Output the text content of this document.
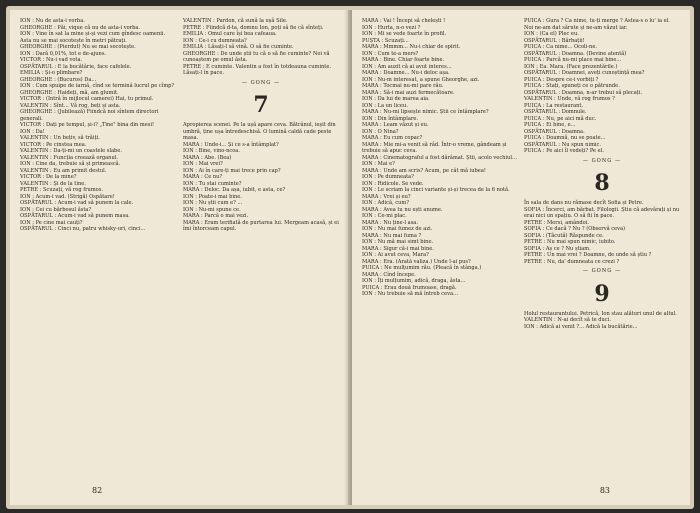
ION : Nu de asta-i vorba.

GHEORGHE : Păi, vique că nu de asta-i vorba.

ION : Vine în sat la mine și-și vezi cum gîndesc oamenii. Asta nu se mai socotește în metri pătrați.

GHEORGHE : (Pierdut) Nu se mai socotește.

ION : Dară 0,01%, tot e de-ajuns.

VICTOR : Nu-i vad vota.

OSPĂTARUL : E la bucătărie, face cafelele.

EMILIA : Și-o plimbare?

GHEORGHE : (Bucuros) Da...

ION : Cum spuipe de iarnă, cînd se termină lucrul pe cîmp?

GHEORGHE : Haideți, mă, am glumit.

VICTOR : (Intră în mijlocul camerei) Hai, tu primul.

VALENTIN : Sînt... Vă rog, beți și asta.

GHEORGHE : (Jubilează) Fiindcă noi sîntem directori generali.

VICTOR : Dați pe tempul, și-i? „Tine" bina din mesi!

ION : Da!

VALENTIN : Un bețiv, să trăiți.

VICTOR : Pe cinstea mea.

VALENTIN : Da-ți-mi un coastele slabe.

VALENTIN : Funcția creează organul.

ION : Cine da, trebuie să și primească.

VALENTIN : Eu am primit destul.

VICTOR : De la mine?

VALENTIN : Și de la tine.

PETRE : Scuzați, vă rog frumos.

ION : Acum-i vad. (Strigă) Ospătare!

OSPĂTARUL : Acum-i vad să punem la cale.

ION : Cei cu bărbosul ăsta?

OSPĂTARUL : Acum-i vad să punem masa.

ION : Pe cine mai cauți?

OSPĂTARUL : Cinci nu, patru whisky-uri, cinci...

VALENTIN : Pardon, că sună la ușă Sile.

PETRE : Fiindcă d-ta, domnu Ion, poți să fie că sînteți.

EMILIA : Omul care își bea cafeaua.

ION : Ce-i cu dumneata?

EMILIA : Lăsați-l să vină. O să fie cuminte.

GHEORGHE : De unde știi tu că o să fie cuminte? Noi vă cunoaștem pe omul ăsta.

PETRE : E cuminte. Valentin a fost în totdeauna cuminte. Lăsați-l în pace.

— GONG —
7

Apropierea scenei. Pe la ușă apare ceva. Bătrânul, ieșit din umbră, ține ușa întredeschisă. O lumină caldă cade peste masa.

MARA : Unde-i... Și ce s-a întâmplat?

ION : Bine, vino-ncoa.

MARA : Abe. (Bea)

ION : Mai vrei?

ION : Ai în care-ți mai trece prin cap?

MARA : Ce nu?

ION : Tu stai cuminte?

MARA : Deloc. Da așa, iubit, e asta, ce?

ION : Poate-i mai bine.

ION : Nu știi cum e? ...

ION : Nu-mi spune ce.

MARA : Parcă o mai vezi.

MARA : Eram terifiată de purtarea lui. Mergeam acasă, și ei îmi întorceam capul.

82

MARA : Vai ! Începi să chelești !

ION : Hurta, n-o vezi ?

ION : Mi se vede foarte în profil.

PUȘTA : Scuzați...

MARA : Mmmm... Nu-i chiar de spirit.

ION : Cum te-a mers?

MARA : Bine. Chiar foarte bine.

ION : Am auzit că ai avut interes...

MARA : Doamne... Nu-i deloc așa.

ION : Nu-m interesat, a spune Gheorghe, azi.

MARA : Tocmai nu-mi pare rău.

MARA : Să-i mai auzi fermecătoare.

ION : Da lui de marea aia.

ION : La un liceu.

MARA : Nu-mi lipsește nimic. Știi ce întâmplare?

ION : Din întâmplare.

MARA : Leam văzut și eu.

ION : O Nina?

MARA : Eu cum copac?

MARA : Mie mi-a venit să râd. Într-o vreme, gândeam și trebuie să apuc ceva.

MARA : Cinematograful a fost dărâmat. Știi, acolo vechiul...

ION : Mai e?

MARA : Unde am scris? Acum, pe cât mă iubea!

ION : Pe dumneata?

ION : Ridicole. Se vede.

ION : Le scriam la cinci variante și-și trecea de la 6 notă.

MARA : Vrei și eu?

ION : Adică, cum?

MARA : Avea tu nu ești anume.

ION : Ce-mi plac.

MARA : Nu ține-l asa.

ION : Nu mai fumez de azi.

MARA : Nu mai fuma ?

ION : Nu mă mai simt bine.

MARA : Sigur că-i mai bine.

ION : Ai avut ceva, Mara?

MARA : Era. (Arată valiza.) Unde l-ai pus?

PUICA : Ne mulțumim rău. (Pleacă în stânga.)

MARA : Cînd începe.

ION : Îți mulțumim, adică, draga, ăsta...

PUICA : Erau două frumoase, dragă.

ION : Nu trebuie să mă întreb ceva...

PUICA : Gura ? Ca nime, tu-ți merge ? Astea-s o lu' ia el. Noi ne-am dat sărute și ne-am văzut iar.

ION : (Ca el) Plec eu.

OSPĂTARUL : Bărbații!

PUICA : Ca nime... Ocoli-ne.

OSPĂTARUL : Doamna. (Devine atentă)

PUICA : Parcă nu-mi place mai bine...

ION : Ea. Mara. (Face prezentările.)

OSPĂTARUL : Doamnei, aveți cunoștință mea?

PUICA : Despre ce-i vorbiți ?

PUICA : Stați, spuneți ce o pătrunde.

OSPĂTARUL : Doamna, n-ar trebui să plecați.

VALENTIN : Unde, vă rog frumos ?

PUICA : La restaurant.

OSPĂTARUL : Domnule.

PUICA : Nu, pe aici mă duc.

PUICA : Ei bine, e...

OSPĂTARUL : Doamna.

PUICA : Doamnă, nu se poate...

OSPĂTARUL : Nu spun nimic.

PUICA : Pe aici îl vedeți? Pe el.

— GONG —
8

În sala de dans nu rămase decît Sofia și Petre.

SOFIA : Încerci, am bărbat. Filologii. Știu că adevărați și nu erai nici un spațiu. O să fii în pace.

PETRE : Mersi, amândoi.

SOFIA : Ce dacă ? Nu ? (Observă ceva)

SOFIA : (Tăcută) Răspunde ce.

PETRE : Nu mai spun nimic, iubito.

SOFIA : Aș ce ? Nu știam.

PETRE : Un mai vrei ? Doamne, de unde să știu ?

PETRE : Nu, da' dumneata ce crezi ?

— GONG —
9

Holul restaurantului. Petrică, Ion stau alături unul de altul.

VALENTIN : N-ai decît să te duci.

ION : Adică ai venit ?... Adică la bucătărie...

83
